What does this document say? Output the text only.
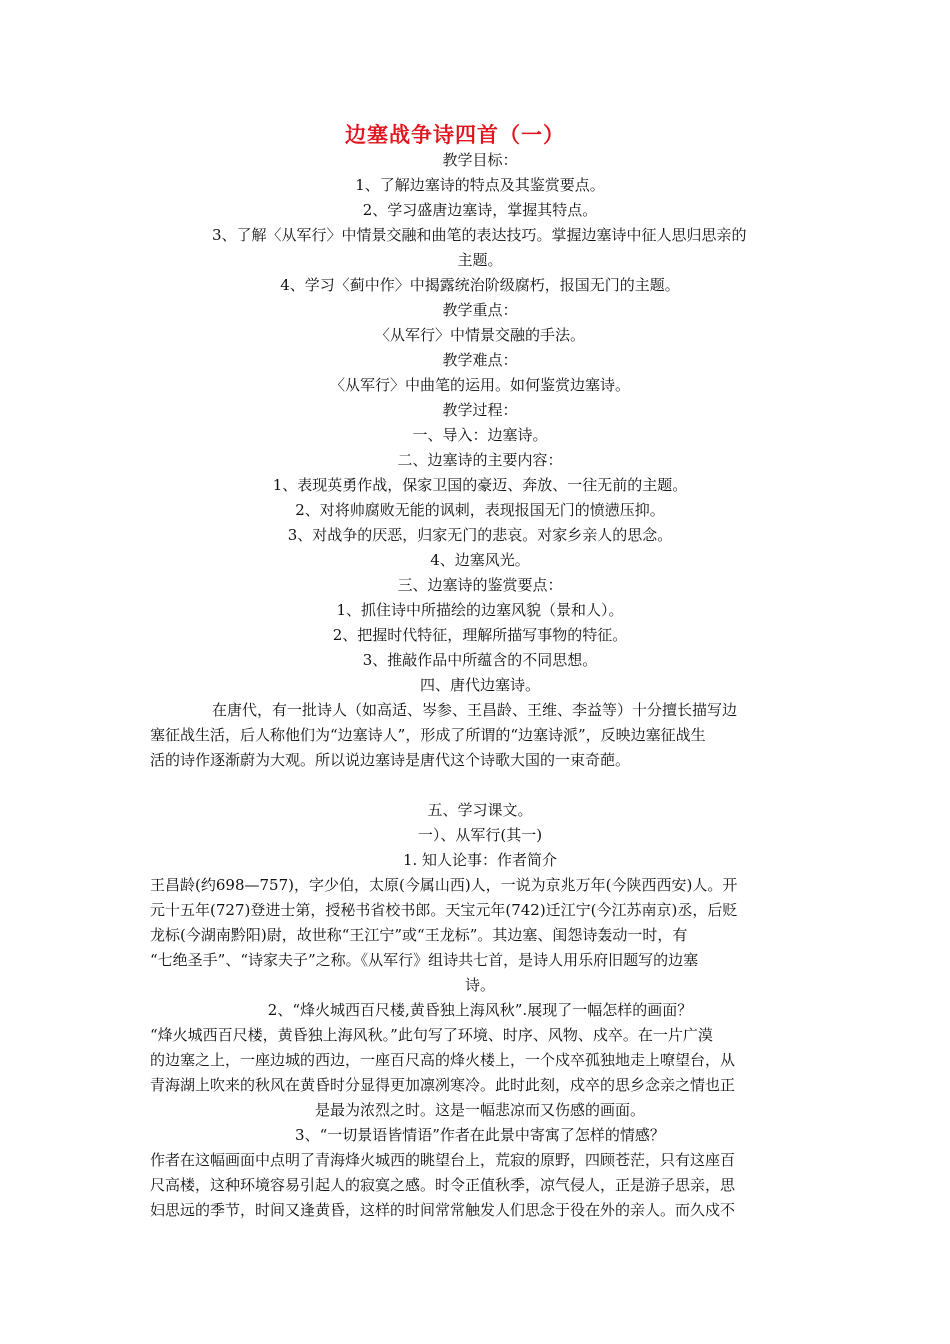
边塞战争诗四首（一）
教学目标：
1、了解边塞诗的特点及其鉴赏要点。
2、学习盛唐边塞诗，掌握其特点。
3、了解〈从军行〉中情景交融和曲笔的表达技巧。掌握边塞诗中征人思归思亲的
主题。
4、学习〈蓟中作〉中揭露统治阶级腐朽，报国无门的主题。
教学重点：
〈从军行〉中情景交融的手法。
教学难点：
〈从军行〉中曲笔的运用。如何鉴赏边塞诗。
教学过程：
一、导入：边塞诗。
二、边塞诗的主要内容：
1、表现英勇作战，保家卫国的豪迈、奔放、一往无前的主题。
2、对将帅腐败无能的讽刺，表现报国无门的愤懑压抑。
3、对战争的厌恶，归家无门的悲哀。对家乡亲人的思念。
4、边塞风光。
三、边塞诗的鉴赏要点：
1、抓住诗中所描绘的边塞风貌（景和人）。
2、把握时代特征，理解所描写事物的特征。
3、推敲作品中所蕴含的不同思想。
四、唐代边塞诗。
在唐代，有一批诗人（如高适、岑参、王昌龄、王维、李益等）十分擅长描写边
塞征战生活，后人称他们为“边塞诗人”，形成了所谓的“边塞诗派”，反映边塞征战生
活的诗作逐渐蔚为大观。所以说边塞诗是唐代这个诗歌大国的一束奇葩。
五、学习课文。
一）、从军行(其一)
1. 知人论事：作者简介
王昌龄(约698—757)，字少伯，太原(今属山西)人，一说为京兆万年(今陕西西安)人。开
元十五年(727)登进士第，授秘书省校书郎。天宝元年(742)迁江宁(今江苏南京)丞，后贬
龙标(今湖南黔阳)尉，故世称“王江宁”或“王龙标”。其边塞、闺怨诗轰动一时，有
“七绝圣手”、“诗家夫子”之称。《从军行》组诗共七首，是诗人用乐府旧题写的边塞
诗。
2、“烽火城西百尺楼,黄昏独上海风秋”.展现了一幅怎样的画面？
“烽火城西百尺楼，黄昏独上海风秋。”此句写了环境、时序、风物、戍卒。在一片广漠
的边塞之上，一座边城的西边，一座百尺高的烽火楼上，一个戍卒孤独地走上嘹望台，从
青海湖上吹来的秋风在黄昏时分显得更加凛冽寒冷。此时此刻，戍卒的思乡念亲之情也正
是最为浓烈之时。这是一幅悲凉而又伤感的画面。
3、“一切景语皆情语”作者在此景中寄寓了怎样的情感？
作者在这幅画面中点明了青海烽火城西的眺望台上，荒寂的原野，四顾苍茫，只有这座百
尺高楼，这种环境容易引起人的寂寞之感。时令正值秋季，凉气侵人，正是游子思亲，思
妇思远的季节，时间又逢黄昏，这样的时间常常触发人们思念于役在外的亲人。而久戍不
